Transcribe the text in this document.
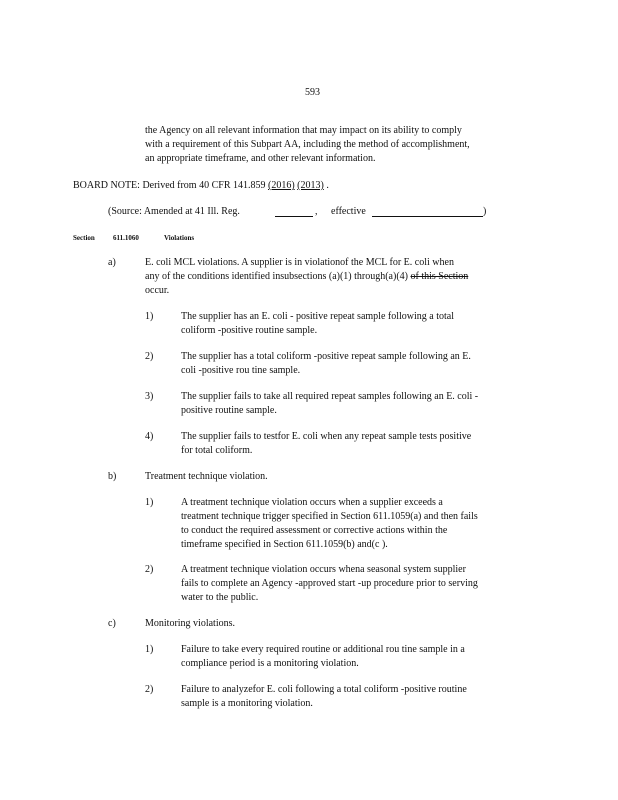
593
the Agency on all relevant information that may impact on its ability to comply
with a requirement of this Subpart AA, including the method of accomplishment,
an appropriate timeframe, and other relevant information.
BOARD NOTE: Derived from 40 CFR 141.859 (2016) (2013) .
(Source: Amended at 41 Ill. Reg.	, effective	)
Section	611.1060	Violations
a)	E. coli MCL violations. A supplier is in violationof the MCL for E. coli when
any of the conditions identified insubsections (a)(1) through(a)(4) of this Section
occur.
1)	The supplier has an E. coli - positive repeat sample following a total
coliform -positive routine sample.
2)	The supplier has a total coliform -positive repeat sample following an E.
coli -positive rou tine sample.
3)	The supplier fails to take all required repeat samples following an E. coli -
positive routine sample.
4)	The supplier fails to testfor E. coli when any repeat sample tests positive
for total coliform.
b)	Treatment technique violation.
1)	A treatment technique violation occurs when a supplier exceeds a
treatment technique trigger specified in Section 611.1059(a) and then fails
to conduct the required assessment or corrective actions within the
timeframe specified in Section 611.1059(b) and(c ).
2)	A treatment technique violation occurs whena seasonal system supplier
fails to complete an Agency -approved start -up procedure prior to serving
water to the public.
c)	Monitoring violations.
1)	Failure to take every required routine or additional rou tine sample in a
compliance period is a monitoring violation.
2)	Failure to analyzefor E. coli following a total coliform -positive routine
sample is a monitoring violation.
